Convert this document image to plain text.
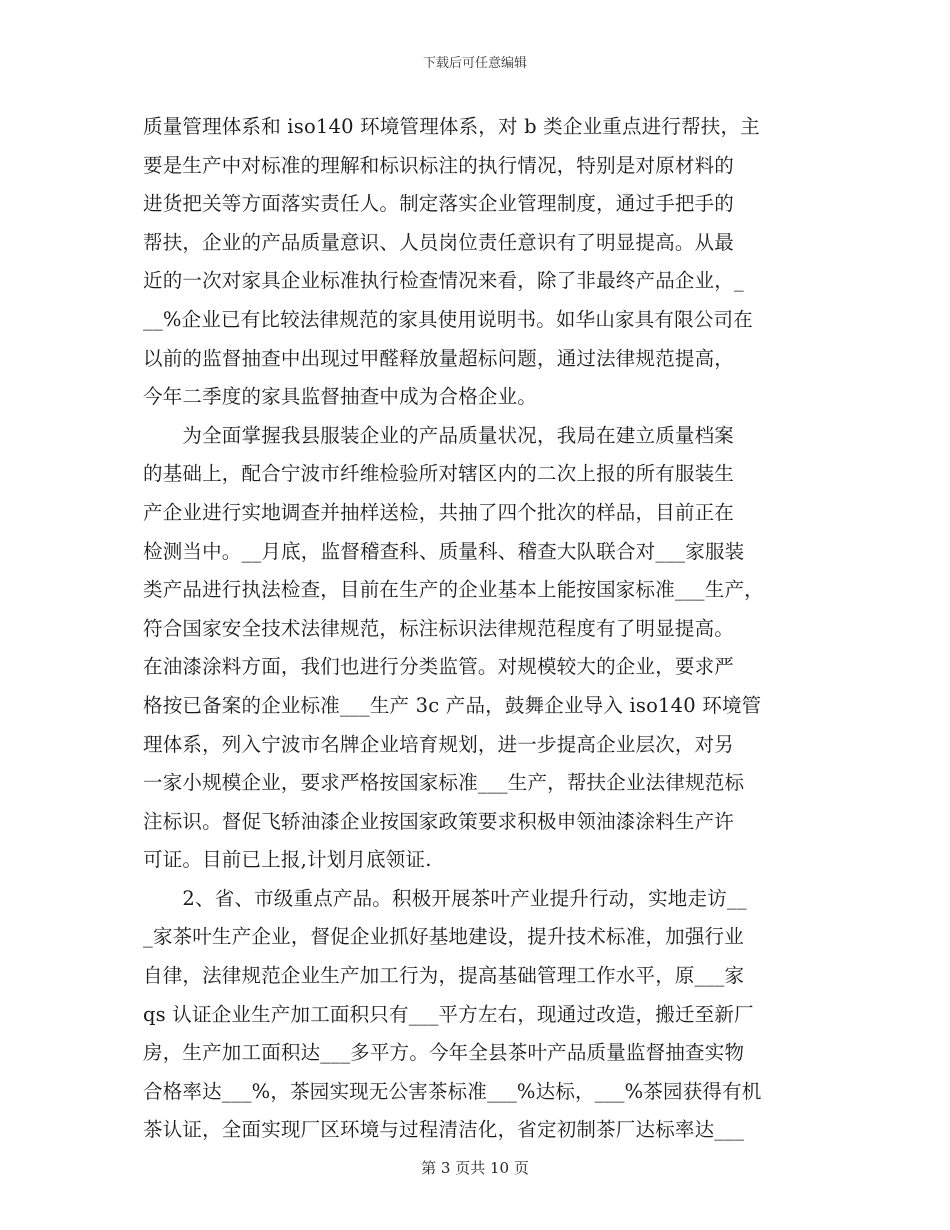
下载后可任意编辑
质量管理体系和 iso140 环境管理体系，对 b 类企业重点进行帮扶，主
要是生产中对标准的理解和标识标注的执行情况，特别是对原材料的
进货把关等方面落实责任人。制定落实企业管理制度，通过手把手的
帮扶，企业的产品质量意识、人员岗位责任意识有了明显提高。从最
近的一次对家具企业标准执行检查情况来看，除了非最终产品企业，_
__%企业已有比较法律规范的家具使用说明书。如华山家具有限公司在
以前的监督抽查中出现过甲醛释放量超标问题，通过法律规范提高，
今年二季度的家具监督抽查中成为合格企业。
　　为全面掌握我县服装企业的产品质量状况，我局在建立质量档案
的基础上，配合宁波市纤维检验所对辖区内的二次上报的所有服装生
产企业进行实地调查并抽样送检，共抽了四个批次的样品，目前正在
检测当中。__月底，监督稽查科、质量科、稽查大队联合对___家服装
类产品进行执法检查，目前在生产的企业基本上能按国家标准___生产，
符合国家安全技术法律规范，标注标识法律规范程度有了明显提高。
在油漆涂料方面，我们也进行分类监管。对规模较大的企业，要求严
格按已备案的企业标准___生产 3c 产品，鼓舞企业导入 iso140 环境管
理体系，列入宁波市名牌企业培育规划，进一步提高企业层次，对另
一家小规模企业，要求严格按国家标准___生产，帮扶企业法律规范标
注标识。督促飞轿油漆企业按国家政策要求积极申领油漆涂料生产许
可证。目前已上报,计划月底领证.
　　2、省、市级重点产品。积极开展茶叶产业提升行动，实地走访__
_家茶叶生产企业，督促企业抓好基地建设，提升技术标准，加强行业
自律，法律规范企业生产加工行为，提高基础管理工作水平，原___家
qs 认证企业生产加工面积只有___平方左右，现通过改造，搬迁至新厂
房，生产加工面积达___多平方。今年全县茶叶产品质量监督抽查实物
合格率达___%，茶园实现无公害茶标准___%达标，___%茶园获得有机
茶认证，全面实现厂区环境与过程清洁化，省定初制茶厂达标率达___
第 3 页共 10 页
